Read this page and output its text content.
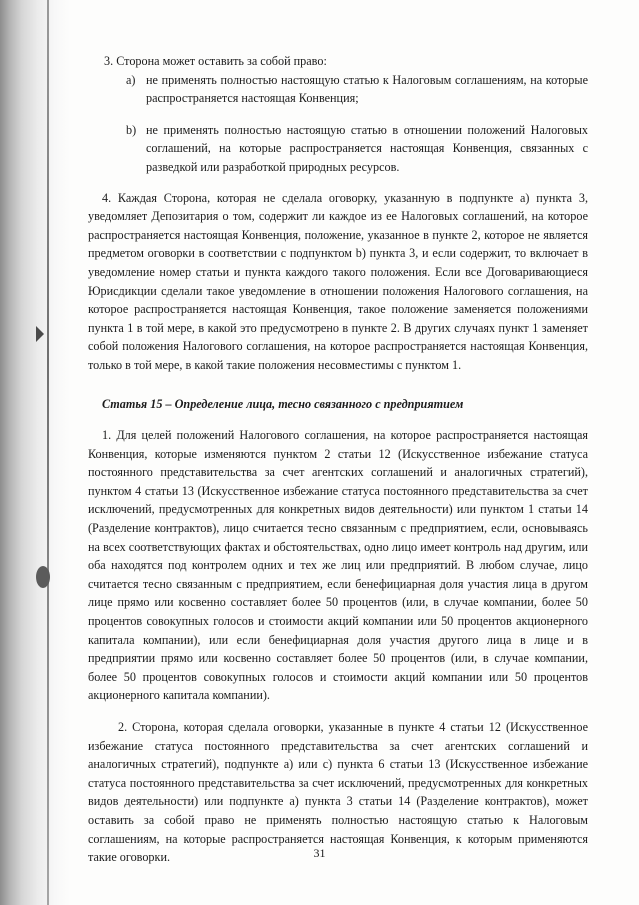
3. Сторона может оставить за собой право:

a) не применять полностью настоящую статью к Налоговым соглашениям, на которые распространяется настоящая Конвенция;
b) не применять полностью настоящую статью в отношении положений Налоговых соглашений, на которые распространяется настоящая Конвенция, связанных с разведкой или разработкой природных ресурсов.

4. Каждая Сторона, которая не сделала оговорку, указанную в подпункте a) пункта 3, уведомляет Депозитария о том, содержит ли каждое из ее Налоговых соглашений, на которое распространяется настоящая Конвенция, положение, указанное в пункте 2, которое не является предметом оговорки в соответствии с подпунктом b) пункта 3, и если содержит, то включает в уведомление номер статьи и пункта каждого такого положения. Если все Договаривающиеся Юрисдикции сделали такое уведомление в отношении положения Налогового соглашения, на которое распространяется настоящая Конвенция, такое положение заменяется положениями пункта 1 в той мере, в какой это предусмотрено в пункте 2. В других случаях пункт 1 заменяет собой положения Налогового соглашения, на которое распространяется настоящая Конвенция, только в той мере, в какой такие положения несовместимы с пунктом 1.

Статья 15 – Определение лица, тесно связанного с предприятием

1. Для целей положений Налогового соглашения, на которое распространяется настоящая Конвенция, которые изменяются пунктом 2 статьи 12 (Искусственное избежание статуса постоянного представительства за счет агентских соглашений и аналогичных стратегий), пунктом 4 статьи 13 (Искусственное избежание статуса постоянного представительства за счет исключений, предусмотренных для конкретных видов деятельности) или пунктом 1 статьи 14 (Разделение контрактов), лицо считается тесно связанным с предприятием, если, основываясь на всех соответствующих фактах и обстоятельствах, одно лицо имеет контроль над другим, или оба находятся под контролем одних и тех же лиц или предприятий. В любом случае, лицо считается тесно связанным с предприятием, если бенефициарная доля участия лица в другом лице прямо или косвенно составляет более 50 процентов (или, в случае компании, более 50 процентов совокупных голосов и стоимости акций компании или 50 процентов акционерного капитала компании), или если бенефициарная доля участия другого лица в лице и в предприятии прямо или косвенно составляет более 50 процентов (или, в случае компании, более 50 процентов совокупных голосов и стоимости акций компании или 50 процентов акционерного капитала компании).

2. Сторона, которая сделала оговорки, указанные в пункте 4 статьи 12 (Искусственное избежание статуса постоянного представительства за счет агентских соглашений и аналогичных стратегий), подпункте a) или c) пункта 6 статьи 13 (Искусственное избежание статуса постоянного представительства за счет исключений, предусмотренных для конкретных видов деятельности) или подпункте a) пункта 3 статьи 14 (Разделение контрактов), может оставить за собой право не применять полностью настоящую статью к Налоговым соглашениям, на которые распространяется настоящая Конвенция, к которым применяются такие оговорки.	31
